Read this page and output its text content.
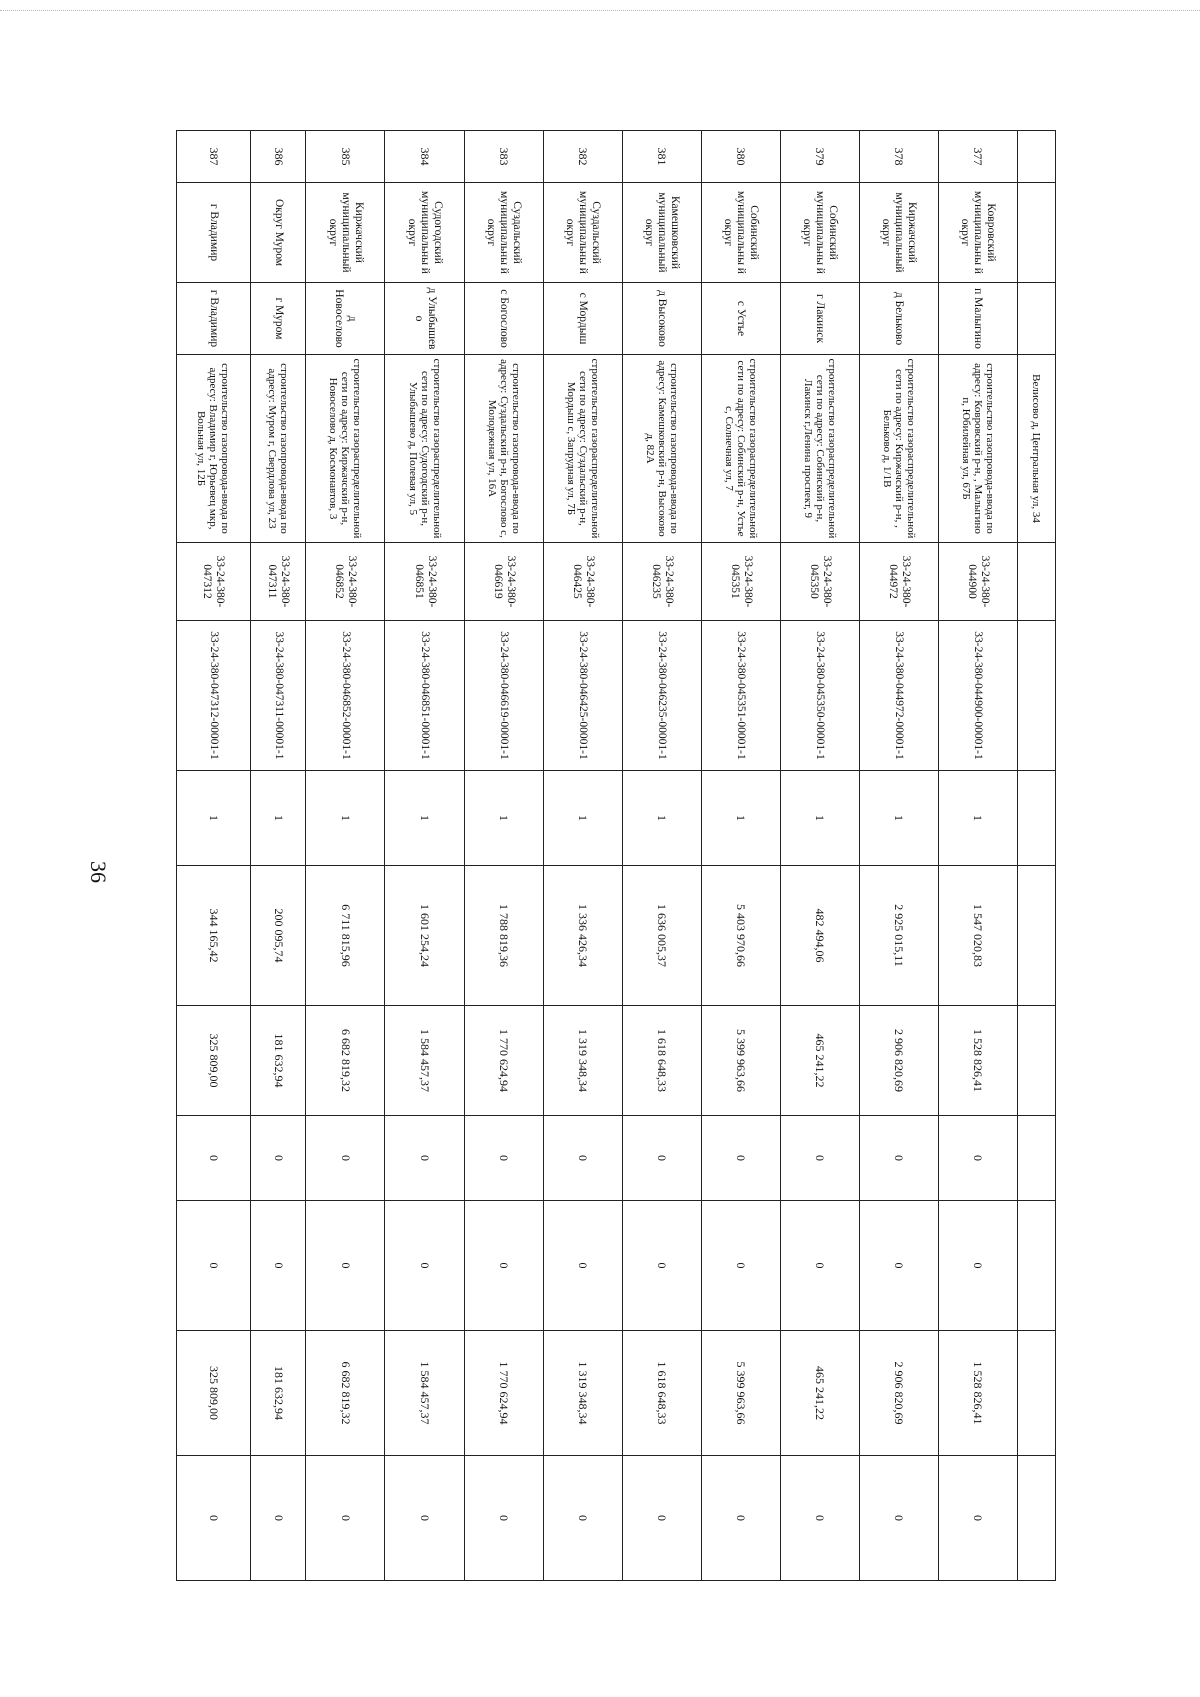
36
			Велисово д, Центральная ул, 34									
377	Ковровский муниципальны й округ	п Малыгино	строительство газопровода-ввода по адресу: Ковровский р-н, , Малыгино п, Юбилейная ул, 67Б	33-24-380-044900	33-24-380-044900-00001-1	1	1 547 020,83	1 528 826,41	0	0	1 528 826,41	0
378	Киржачский муниципальный округ	д Бельково	строительство газораспределительной сети по адресу: Киржачский р-н, , Бельково д, 1/1В	33-24-380-044972	33-24-380-044972-00001-1	1	2 925 015,11	2 906 820,69	0	0	2 906 820,69	0
379	Собинский муниципальны й округ	г Лакинск	строительство газораспределительной сети по адресу: Собинский р-н, Лакинск г,Ленина проспект, 9	33-24-380-045350	33-24-380-045350-00001-1	1	482 494,06	465 241,22	0	0	465 241,22	0
380	Собинский муниципальны й округ	с Устье	строительство газораспределительной сети по адресу: Собинский р-н, Устье с, Солнечная ул, 7	33-24-380-045351	33-24-380-045351-00001-1	1	5 403 970,66	5 399 963,66	0	0	5 399 963,66	0
381	Камешковский муниципальный округ	д Высоково	строительство газопровода-ввода по адресу: Камешковский р-н, Высоково д, 82А	33-24-380-046235	33-24-380-046235-00001-1	1	1 636 005,37	1 618 648,33	0	0	1 618 648,33	0
382	Суздальский муниципальны й округ	с Мордыш	строительство газораспределительной сети по адресу: Суздальский р-н, Мордыш с, Запрудная ул, 7Б	33-24-380-046425	33-24-380-046425-00001-1	1	1 336 426,34	1 319 348,34	0	0	1 319 348,34	0
383	Суздальский муниципальны й округ	с Богослово	строительство газопровода-ввода по адресу: Суздальский р-н, Богослово с, Молодежная ул, 16А	33-24-380-046619	33-24-380-046619-00001-1	1	1 788 819,36	1 770 624,94	0	0	1 770 624,94	0
384	Судогодский муниципальны й округ	д Улыбышев о	строительство газораспределительной сети по адресу: Судогодский р-н, Улыбышево д, Полевая ул, 5	33-24-380-046851	33-24-380-046851-00001-1	1	1 601 254,24	1 584 457,37	0	0	1 584 457,37	0
385	Киржачский муниципальный округ	д Новоселово	строительство газораспределительной сети по адресу: Киржачский р-н, Новоселово д, Космонавтов, 3	33-24-380-046852	33-24-380-046852-00001-1	1	6 711 815,96	6 682 819,32	0	0	6 682 819,32	0
386	Округ Муром	г Муром	строительство газопровода-ввода по адресу: Муром г, Свердлова ул, 23	33-24-380-047311	33-24-380-047311-00001-1	1	200 095,74	181 632,94	0	0	181 632,94	0
387	г Владимир	г Владимир	строительство газопровода-ввода по адресу: Владимир г, Юрьевец мкр, Вольная ул, 12Б	33-24-380-047312	33-24-380-047312-00001-1	1	344 165,42	325 809,00	0	0	325 809,00	0
